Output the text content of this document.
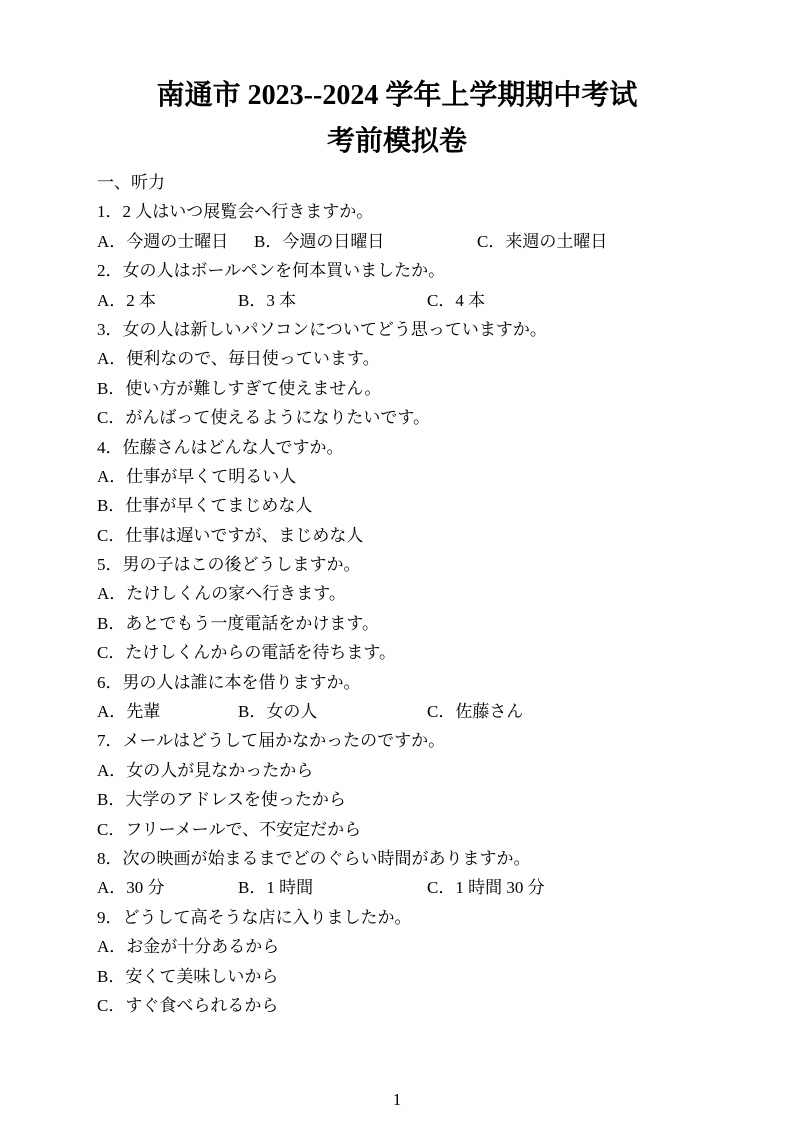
南通市 2023--2024 学年上学期期中考试
考前模拟卷
一、听力
1．2 人はいつ展覧会へ行きますか。
A．今週の士曜日 B．今週の日曜日	C．来週の土曜日
2．女の人はボールペンを何本買いましたか。
A．2 本	B．3 本	C．4 本
3．女の人は新しいパソコンについてどう思っていますか。
A．便利なので、毎日使っています。
B．使い方が難しすぎて使えません。
C．がんばって使えるようになりたいです。
4．佐藤さんはどんな人ですか。
A．仕事が早くて明るい人
B．仕事が早くてまじめな人
C．仕事は遅いですが、まじめな人
5．男の子はこの後どうしますか。
A．たけしくんの家へ行きます。
B．あとでもう一度電話をかけます。
C．たけしくんからの電話を待ちます。
6．男の人は誰に本を借りますか。
A．先輩	B．女の人	C．佐藤さん
7．メールはどうして届かなかったのですか。
A．女の人が見なかったから
B．大学のアドレスを使ったから
C．フリーメールで、不安定だから
8．次の映画が始まるまでどのぐらい時間がありますか。
A．30 分	B．1 時間	C．1 時間 30 分
9．どうして高そうな店に入りましたか。
A．お金が十分あるから
B．安くて美味しいから
C．すぐ食べられるから
1
